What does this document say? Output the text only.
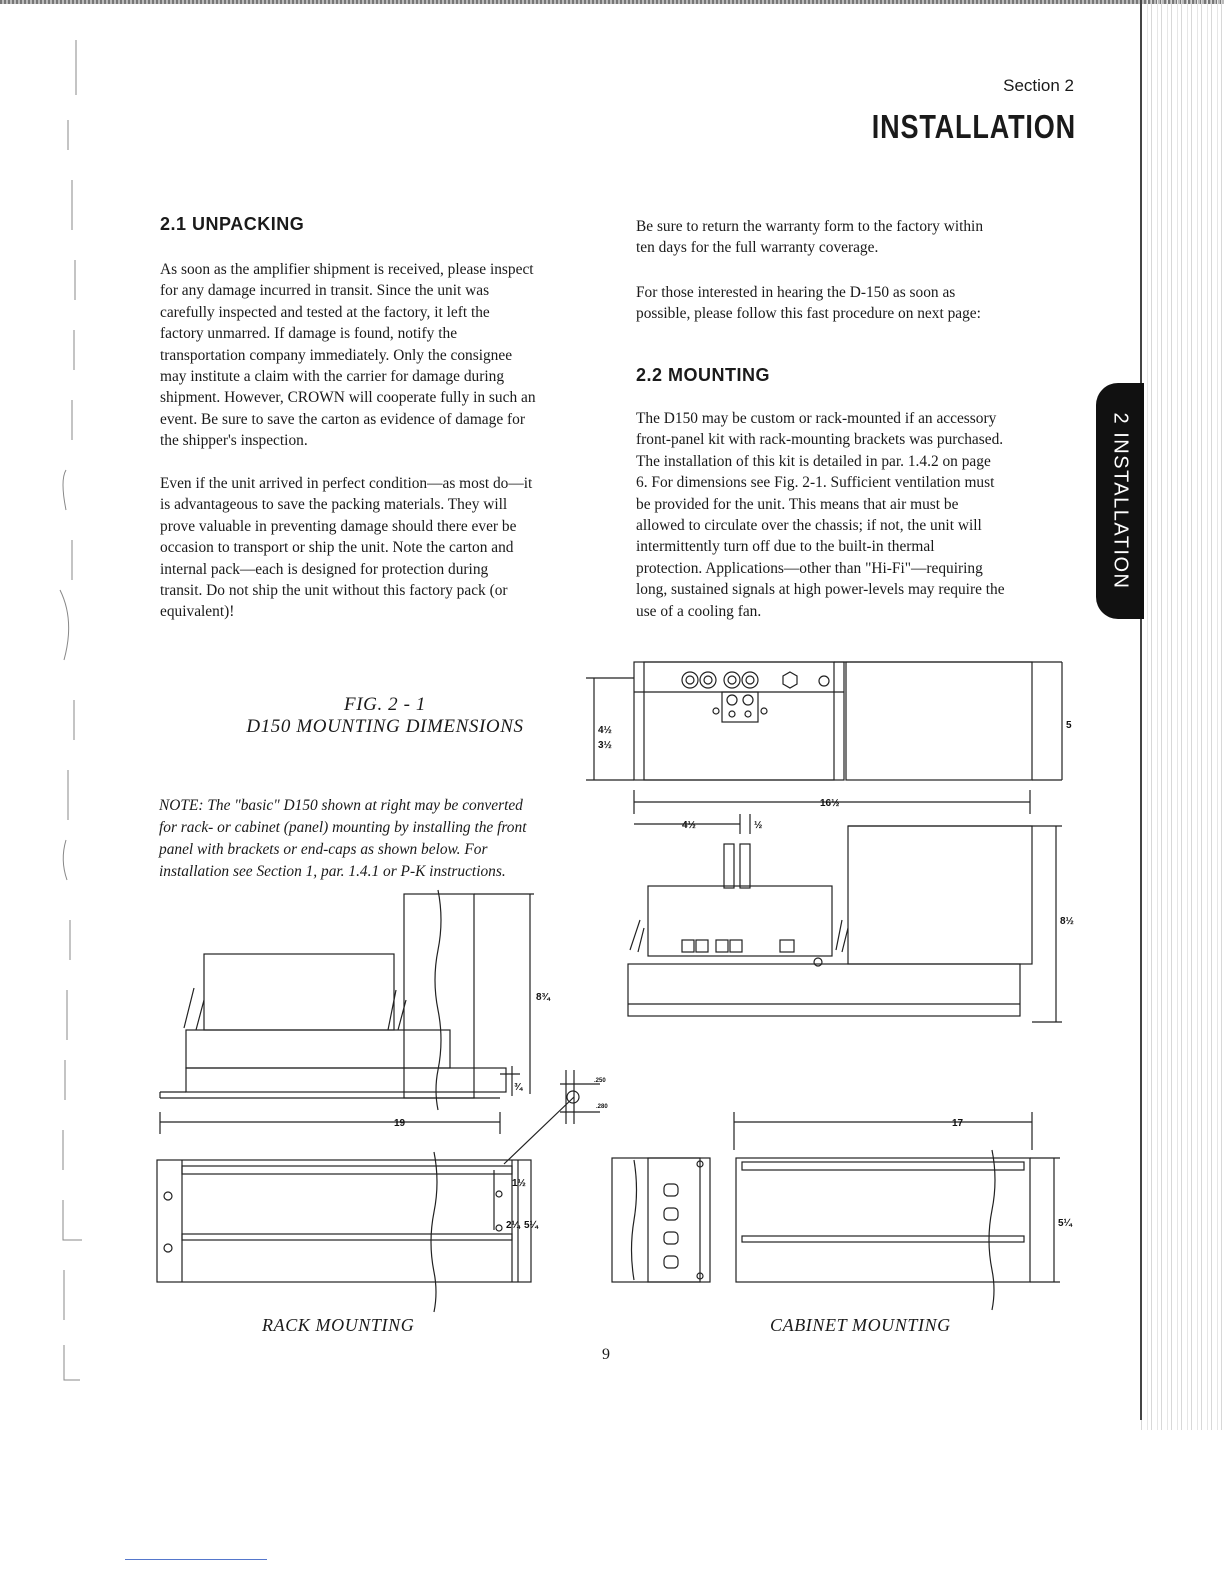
Section 2
INSTALLATION
2 INSTALLATION
2.1 UNPACKING
As soon as the amplifier shipment is received, please inspect
for any damage incurred in transit. Since the unit was
carefully inspected and tested at the factory, it left the
factory unmarred. If damage is found, notify the
transportation company immediately. Only the consignee
may institute a claim with the carrier for damage during
shipment. However, CROWN will cooperate fully in such an
event. Be sure to save the carton as evidence of damage for
the shipper's inspection.
Even if the unit arrived in perfect condition—as most do—it
is advantageous to save the packing materials. They will
prove valuable in preventing damage should there ever be
occasion to transport or ship the unit. Note the carton and
internal pack—each is designed for protection during
transit. Do not ship the unit without this factory pack (or
equivalent)!
Be sure to return the warranty form to the factory within
ten days for the full warranty coverage.
For those interested in hearing the D-150 as soon as
possible, please follow this fast procedure on next page:
2.2 MOUNTING
The D150 may be custom or rack-mounted if an accessory
front-panel kit with rack-mounting brackets was purchased.
The installation of this kit is detailed in par. 1.4.2 on page
6. For dimensions see Fig. 2-1. Sufficient ventilation must
be provided for the unit. This means that air must be
allowed to circulate over the chassis; if not, the unit will
intermittently turn off due to the built-in thermal
protection. Applications—other than "Hi-Fi"—requiring
long, sustained signals at high power-levels may require the
use of a cooling fan.
FIG. 2 - 1
D150 MOUNTING DIMENSIONS
NOTE: The "basic" D150 shown at right may be converted
for rack- or cabinet (panel) mounting by installing the front
panel with brackets or end-caps as shown below. For
installation see Section 1, par. 1.4.1 or P-K instructions.
4½
3½
5
16½
4½	½
8½
8¾
¾
19
1½
2¼ 5¼
17
5¼
.250
.280
RACK MOUNTING	CABINET MOUNTING
9
